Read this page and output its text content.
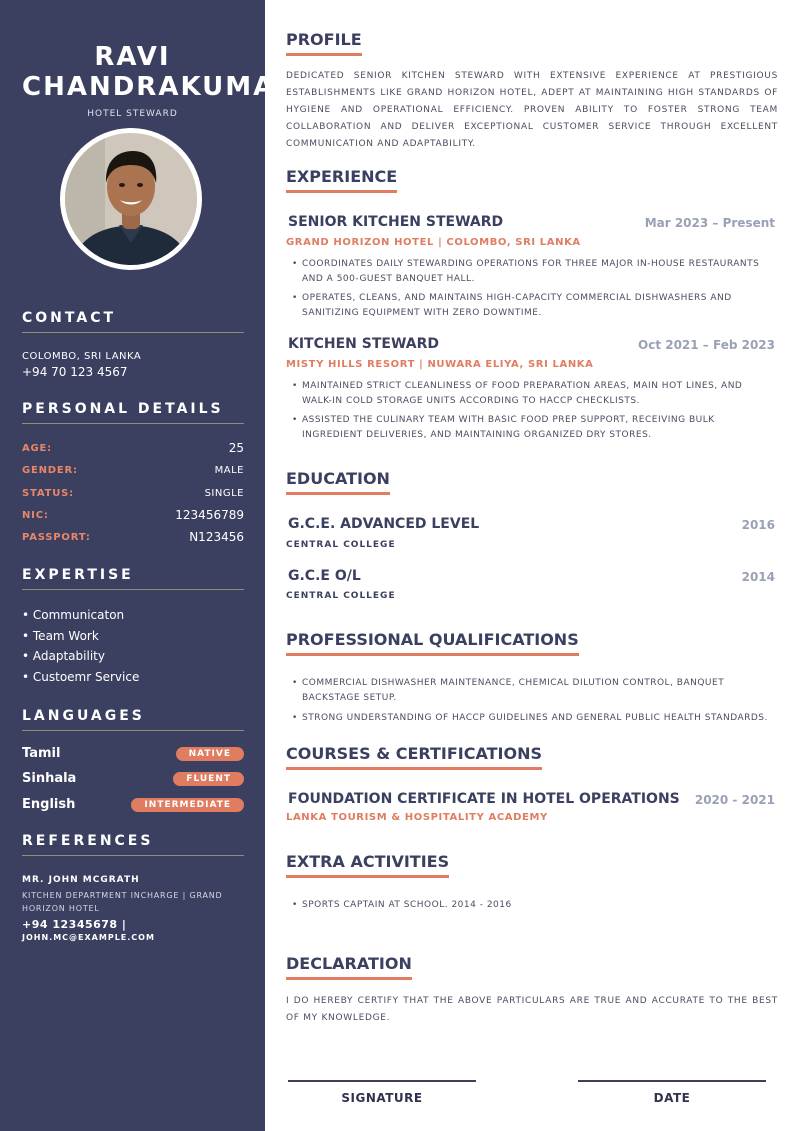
RAVI
CHANDRAKUMAR
HOTEL STEWARD
CONTACT
COLOMBO, SRI LANKA
+94 70 123 4567
PERSONAL DETAILS
AGE:	25
GENDER:	MALE
STATUS:	SINGLE
NIC:	123456789
PASSPORT:	N123456
EXPERTISE
• Communicaton
• Team Work
• Adaptability
• Custoemr Service
LANGUAGES
Tamil	NATIVE
Sinhala	FLUENT
English	INTERMEDIATE
REFERENCES
MR. JOHN MCGRATH
KITCHEN DEPARTMENT INCHARGE | GRAND
HORIZON HOTEL
+94 12345678 |
JOHN.MC@EXAMPLE.COM
PROFILE
DEDICATED SENIOR KITCHEN STEWARD WITH EXTENSIVE EXPERIENCE AT PRESTIGIOUS ESTABLISHMENTS LIKE GRAND HORIZON HOTEL, ADEPT AT MAINTAINING HIGH STANDARDS OF HYGIENE AND OPERATIONAL EFFICIENCY. PROVEN ABILITY TO FOSTER STRONG TEAM COLLABORATION AND DELIVER EXCEPTIONAL CUSTOMER SERVICE THROUGH EXCELLENT COMMUNICATION AND ADAPTABILITY.
EXPERIENCE
SENIOR KITCHEN STEWARD	Mar 2023 – Present
GRAND HORIZON HOTEL | COLOMBO, SRI LANKA
• COORDINATES DAILY STEWARDING OPERATIONS FOR THREE MAJOR IN-HOUSE RESTAURANTS AND A 500-GUEST BANQUET HALL.
• OPERATES, CLEANS, AND MAINTAINS HIGH-CAPACITY COMMERCIAL DISHWASHERS AND SANITIZING EQUIPMENT WITH ZERO DOWNTIME.
KITCHEN STEWARD	Oct 2021 – Feb 2023
MISTY HILLS RESORT | NUWARA ELIYA, SRI LANKA
• MAINTAINED STRICT CLEANLINESS OF FOOD PREPARATION AREAS, MAIN HOT LINES, AND WALK-IN COLD STORAGE UNITS ACCORDING TO HACCP CHECKLISTS.
• ASSISTED THE CULINARY TEAM WITH BASIC FOOD PREP SUPPORT, RECEIVING BULK INGREDIENT DELIVERIES, AND MAINTAINING ORGANIZED DRY STORES.
EDUCATION
G.C.E. ADVANCED LEVEL	2016
CENTRAL COLLEGE
G.C.E O/L	2014
CENTRAL COLLEGE
PROFESSIONAL QUALIFICATIONS
• COMMERCIAL DISHWASHER MAINTENANCE, CHEMICAL DILUTION CONTROL, BANQUET BACKSTAGE SETUP.
• STRONG UNDERSTANDING OF HACCP GUIDELINES AND GENERAL PUBLIC HEALTH STANDARDS.
COURSES & CERTIFICATIONS
FOUNDATION CERTIFICATE IN HOTEL OPERATIONS 2020 - 2021
LANKA TOURISM & HOSPITALITY ACADEMY
EXTRA ACTIVITIES
• SPORTS CAPTAIN AT SCHOOL. 2014 - 2016
DECLARATION
I DO HEREBY CERTIFY THAT THE ABOVE PARTICULARS ARE TRUE AND ACCURATE TO THE BEST OF MY KNOWLEDGE.
SIGNATURE	DATE
